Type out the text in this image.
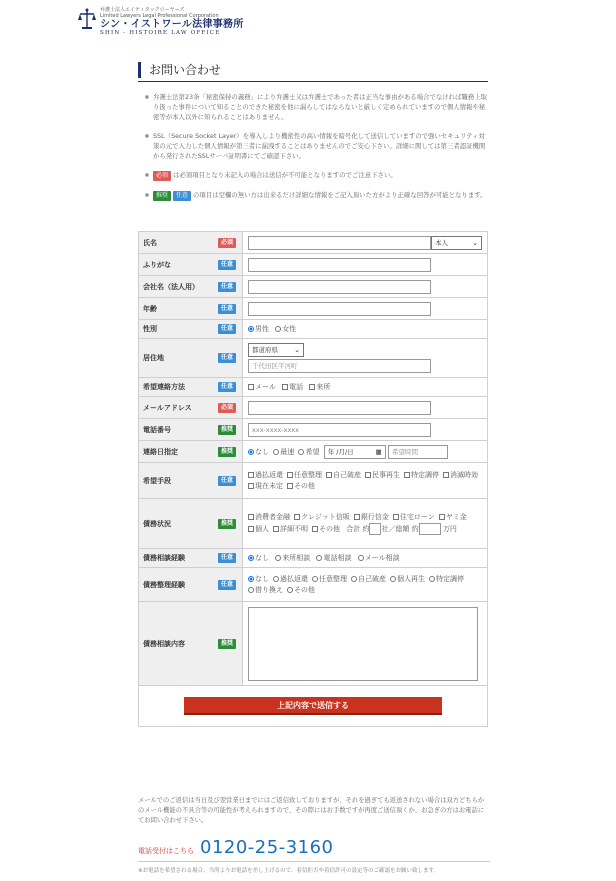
弁護士法人エイティタックローヤーズ
Limited Lawyers Legal Professional Corporation
シン・イストワール法律事務所
SHIN - HISTOIRE LAW OFFICE
お問い合わせ
■ 弁護士法第23条「秘密保持の義務」により弁護士又は弁護士であった者は正当な事由がある場合でなければ職務上取り扱った事件について知ることのできた秘密を他に漏らしてはならないと厳しく定められていますので個人情報や秘密等が本人以外に知られることはありません。
■ SSL（Secure Socket Layer）を導入しより機密性の高い情報を暗号化して送信していますので強いセキュリティ対策の元で入力した個人情報が第三者に漏洩することはありませんのでご安心下さい。詳細に関しては第三者認証機関から発行されたSSLサーバ証明書にてご確認下さい。
■ 必須 は必須項目となり未記入の場合は送信が不可能となりますのでご注意下さい。
■ 推奨 任意 の項目は空欄の無い方は出来るだけ詳細な情報をご記入頂いた方がより正確な回答が可能となります。
氏名 必須	本人 ⌄

ふりがな 任意	

会社名（法人用） 任意	

年齢 任意	

性別 任意	男性 女性
居住地 任意	都道府県 ⌄

千代田区平河町
希望連絡方法 任意	メール 電話 来所
メールアドレス 必須	

電話番号 推奨	xxx-xxxx-xxxx
連絡日指定 推奨	なし 最速 希望 年 /月/日 ▦ 希望時間
希望手段 任意	過払返還 任意整理 自己破産 民事再生 特定調停 消滅時効現在未定 その他
債務状況 推奨	消費者金融 クレジット信販 銀行信金 住宅ローン ヤミ金個人 詳細不明 その他 合計 約 社／総額 約 万円
債務相談経験 任意	なし 来所相談 電話相談 メール相談
債務整理経験 任意	なし 過払返還 任意整理 自己破産 個人再生 特定調停借り換え その他
債務相談内容 推奨	

上記内容で送信する	
メールでのご返信は当日及び翌営業日までにはご返信致しておりますが、それを過ぎても返送されない場合は双方どちらかのメール機能の不具合等の可能性が考えられますので、その際にはお手数ですが再度ご送信頂くか、お急ぎの方はお電話にてお問い合わせ下さい。
電話受付はこちら 0120-25-3160
※お電話を希望される場合、当所よりお電話を差し上げるので、着信拒否や着信許可の設定等のご確認をお願い致します。
